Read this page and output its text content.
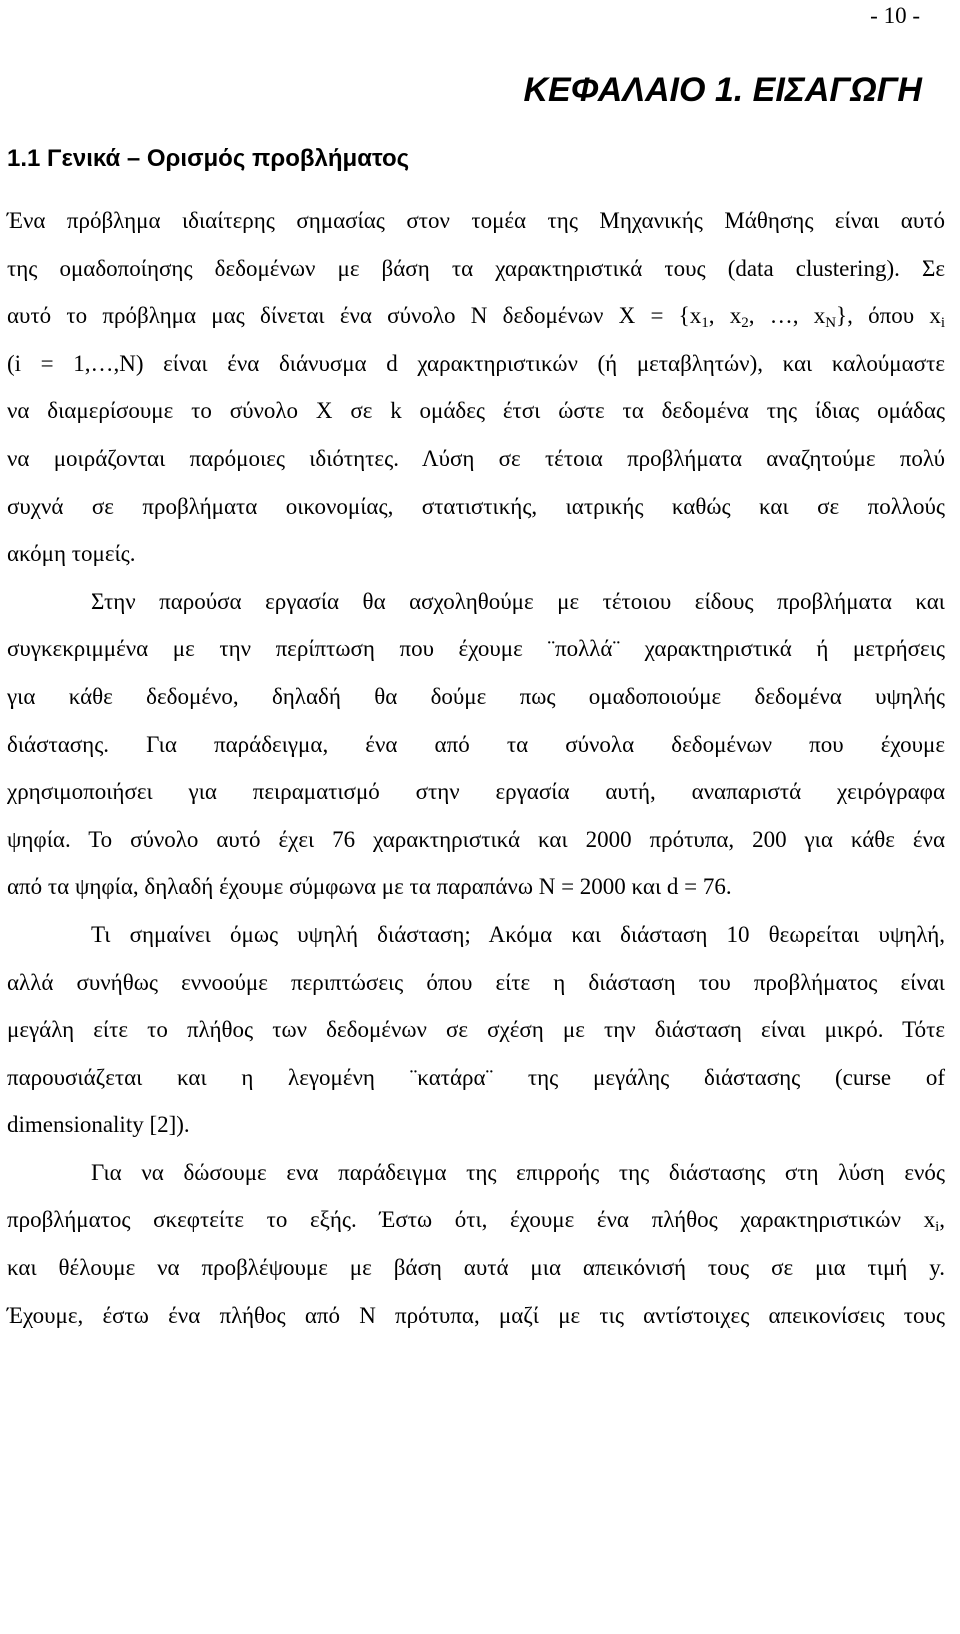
- 10 -
ΚΕΦΑΛΑΙΟ 1. ΕΙΣΑΓΩΓΗ
1.1 Γενικά – Ορισμός προβλήματος
Ένα πρόβλημα ιδιαίτερης σημασίας στον τομέα της Μηχανικής Μάθησης είναι αυτό
της ομαδοποίησης δεδομένων με βάση τα χαρακτηριστικά τους (data clustering). Σε
αυτό το πρόβλημα μας δίνεται ένα σύνολο Ν δεδομένων $X = \{x_1$, $x_2$, …, $x_N$}, όπου $x_i$
(i = 1,…,N) είναι ένα διάνυσμα d χαρακτηριστικών (ή μεταβλητών), και καλούμαστε
να διαμερίσουμε το σύνολο Χ σε k ομάδες έτσι ώστε τα δεδομένα της ίδιας ομάδας
να μοιράζονται παρόμοιες ιδιότητες. Λύση σε τέτοια προβλήματα αναζητούμε πολύ
συχνά σε προβλήματα οικονομίας, στατιστικής, ιατρικής καθώς και σε πολλούς
ακόμη τομείς.
Στην παρούσα εργασία θα ασχοληθούμε με τέτοιου είδους προβλήματα και
συγκεκριμμένα με την περίπτωση που έχουμε ¨πολλά¨ χαρακτηριστικά ή μετρήσεις
για κάθε δεδομένο, δηλαδή θα δούμε πως ομαδοποιούμε δεδομένα υψηλής
διάστασης. Για παράδειγμα, ένα από τα σύνολα δεδομένων που έχουμε
χρησιμοποιήσει για πειραματισμό στην εργασία αυτή, αναπαριστά χειρόγραφα
ψηφία. Το σύνολο αυτό έχει 76 χαρακτηριστικά και 2000 πρότυπα, 200 για κάθε ένα
από τα ψηφία, δηλαδή έχουμε σύμφωνα με τα παραπάνω Ν = 2000 και d = 76.
Τι σημαίνει όμως υψηλή διάσταση; Ακόμα και διάσταση 10 θεωρείται υψηλή,
αλλά συνήθως εννοούμε περιπτώσεις όπου είτε η διάσταση του προβλήματος είναι
μεγάλη είτε το πλήθος των δεδομένων σε σχέση με την διάσταση είναι μικρό. Τότε
παρουσιάζεται και η λεγομένη ¨κατάρα¨ της μεγάλης διάστασης (curse of
dimensionality [2]).
Για να δώσουμε ενα παράδειγμα της επιρροής της διάστασης στη λύση ενός
προβλήματος σκεφτείτε το εξής. Έστω ότι, έχουμε ένα πλήθος χαρακτηριστικών $x_i$,
και θέλουμε να προβλέψουμε με βάση αυτά μια απεικόνισή τους σε μια τιμή y.
Έχουμε, έστω ένα πλήθος από Ν πρότυπα, μαζί με τις αντίστοιχες απεικονίσεις τους
